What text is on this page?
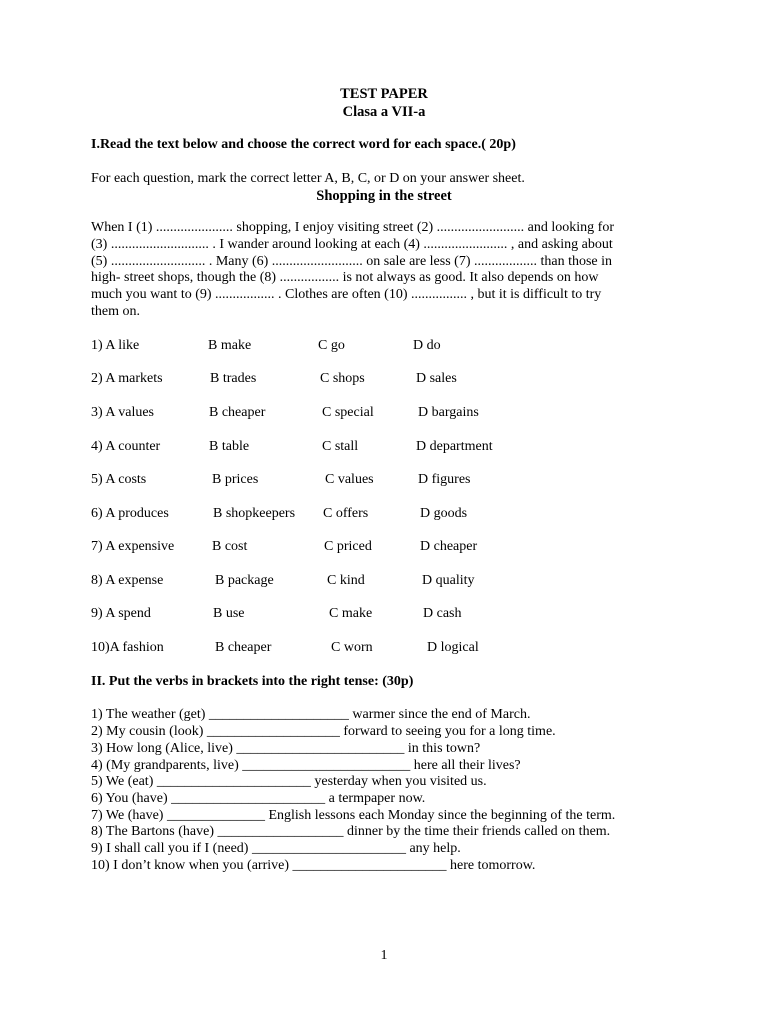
TEST PAPER
Clasa a VII-a
I.Read the text below and choose the correct word for each space.( 20p)
For each question, mark the correct letter A, B, C, or D on your answer sheet.
Shopping in the street
When I (1) ...................... shopping, I enjoy visiting street (2) ......................... and looking for
(3) ............................ . I wander around looking at each (4) ........................ , and asking about
(5) ........................... . Many (6) .......................... on sale are less (7) .................. than those in
high- street shops, though the (8) ................. is not always as good. It also depends on how
much you want to (9) ................. . Clothes are often (10) ................ , but it is difficult to try
them on.
1) A like	B make	C go	D do
2) A markets	B trades	C shops	D sales
3) A values	B cheaper	C special	D bargains
4) A counter	B table	C stall	D department
5) A costs	B prices	C values	D figures
6) A produces	B shopkeepers C offers	D goods
7) A expensive	B cost	C priced	D cheaper
8) A expense	B package	C kind	D quality
9) A spend	B use	C make	D cash
10)A fashion	B cheaper	C worn	D logical
II. Put the verbs in brackets into the right tense: (30p)
1) The weather (get) ____________________ warmer since the end of March.
2) My cousin (look) ___________________ forward to seeing you for a long time.
3) How long (Alice, live) ________________________ in this town?
4) (My grandparents, live) ________________________ here all their lives?
5) We (eat) ______________________ yesterday when you visited us.
6) You (have) ______________________ a termpaper now.
7) We (have) ______________ English lessons each Monday since the beginning of the term.
8) The Bartons (have) __________________ dinner by the time their friends called on them.
9) I shall call you if I (need) ______________________ any help.
10) I don’t know when you (arrive) ______________________ here tomorrow.
1
